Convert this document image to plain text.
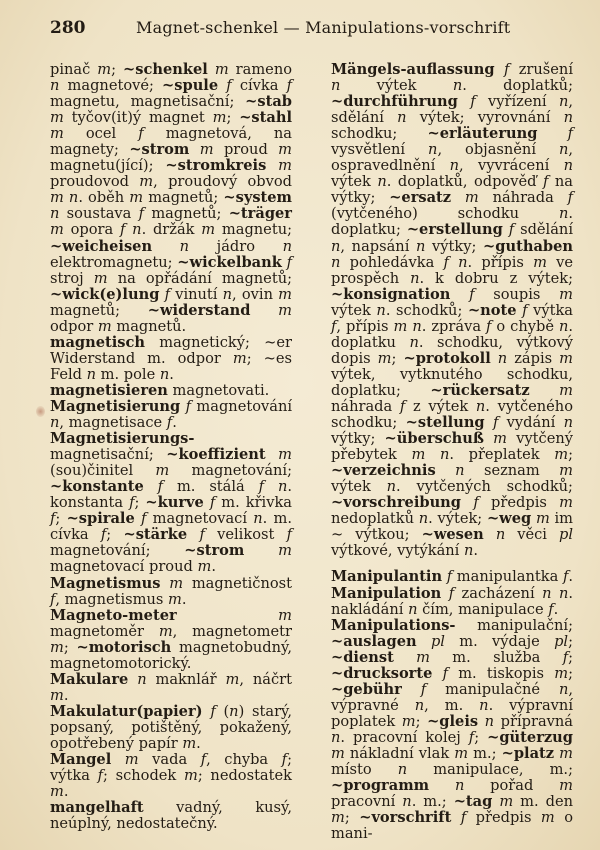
280	Magnet-schenkel — Manipulations-vorschrift

pinač m; ~schenkel m rameno n magnetové; ~spule f cívka f magnetu, magnetisační; ~stab m tyčov(it)ý magnet m; ~stahl m ocel f magnetová, na magnety; ~strom m proud m magnetu(jící); ~stromkreis m proudovod m, proudový obvod m n. oběh m magnetů; ~system n soustava f magnetů; ~träger m opora f n. držák m magnetu; ~weicheisen n jádro n elektromagnetu; ~wickelbank f stroj m na opřádání magnetů; ~wick(e)lung f vinutí n, ovin m magnetů; ~widerstand m odpor m magnetů.

magnetisch magnetický; ~er Widerstand m. odpor m; ~es Feld n m. pole n.

magnetisieren magnetovati.

Magnetisierung f magnetování n, magnetisace f.

Magnetisierungs- magnetisační; ~koeffizient m (sou)činitel m magnetování; ~konstante f m. stálá f n. konstanta f; ~kurve f m. křivka f; ~spirale f magnetovací n. m. cívka f; ~stärke f velikost f magnetování; ~strom m magnetovací proud m.

Magnetismus m magnetičnost f, magnetismus m.

Magneto-meter	m magnetoměr m, magnetometr m; ~motorisch magnetobudný, magnetomotorický.

Makulare n maknlář m, náčrt m.

Makulatur(papier) f (n) starý, popsaný, potištěný, pokažený, opotřebený papír m.

Mangel m vada f, chyba f; výtka f; schodek m; nedostatek m.

mangelhaft vadný, kusý, neúplný, nedostatečný.

Mängels-auflassung f zrušení n výtek n. doplatků; ~durchführung f vyřízení n, sdělání n výtek; vyrovnání n schodku; ~erläuterung f vysvětlení n, objasnění n, ospravedlnění n, vyvrácení n výtek n. doplatků, odpověď f na výtky; ~ersatz m náhrada f (vytčeného) schodku n. doplatku; ~erstellung f sdělání n, napsání n výtky; ~guthaben n pohledávka f n. přípis m ve prospěch n. k dobru z výtek; ~konsignation f soupis m výtek n. schodků; ~note f výtka f, přípis m n. zpráva f o chybě n. doplatku n. schodku, výtkový dopis m; ~protokoll n zápis m výtek, vytknutého schodku, doplatku; ~rückersatz m náhrada f z výtek n. vytčeného schodku; ~stellung f vydání n výtky; ~überschuß m vytčený přebytek m n. přeplatek m; ~verzeichnis n seznam m výtek n. vytčených schodků; ~vorschreibung f předpis m nedoplatků n. výtek; ~weg m im ~ výtkou; ~wesen n věci pl výtkové, vytýkání n.

Manipulantin f manipulantka f.

Manipulation f zacházení n n. nakládání n čím, manipulace f.

Manipulations- manipulační; ~auslagen pl m. výdaje pl; ~dienst m m. služba f; ~drucksorte f m. tiskopis m; ~gebühr f manipulačné n, výpravné n, m. n. výpravní poplatek m; ~gleis n přípravná n. pracovní kolej f; ~güterzug m nákladní vlak m m.; ~platz m místo n manipulace, m.; ~programm n pořad m pracovní n. m.; ~tag m m. den m; ~vorschrift f předpis m o mani-
